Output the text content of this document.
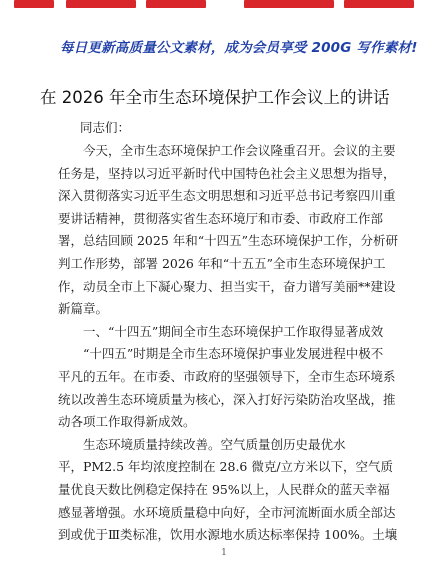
每日更新高质量公文素材，成为会员享受 200G 写作素材!
在 2026 年全市生态环境保护工作会议上的讲话
同志们：
今天，全市生态环境保护工作会议隆重召开。会议的主要
任务是，坚持以习近平新时代中国特色社会主义思想为指导，
深入贯彻落实习近平生态文明思想和习近平总书记考察四川重
要讲话精神，贯彻落实省生态环境厅和市委、市政府工作部
署，总结回顾 2025 年和“十四五”生态环境保护工作，分析研
判工作形势，部署 2026 年和“十五五”全市生态环境保护工
作，动员全市上下凝心聚力、担当实干，奋力谱写美丽**建设
新篇章。
一、“十四五”期间全市生态环境保护工作取得显著成效
“十四五”时期是全市生态环境保护事业发展进程中极不
平凡的五年。在市委、市政府的坚强领导下，全市生态环境系
统以改善生态环境质量为核心，深入打好污染防治攻坚战，推
动各项工作取得新成效。
生态环境质量持续改善。空气质量创历史最优水
平，PM2.5 年均浓度控制在 28.6 微克/立方米以下，空气质
量优良天数比例稳定保持在 95%以上，人民群众的蓝天幸福
感显著增强。水环境质量稳中向好，全市河流断面水质全部达
到或优于Ⅲ类标准，饮用水源地水质达标率保持 100%。土壤
1
